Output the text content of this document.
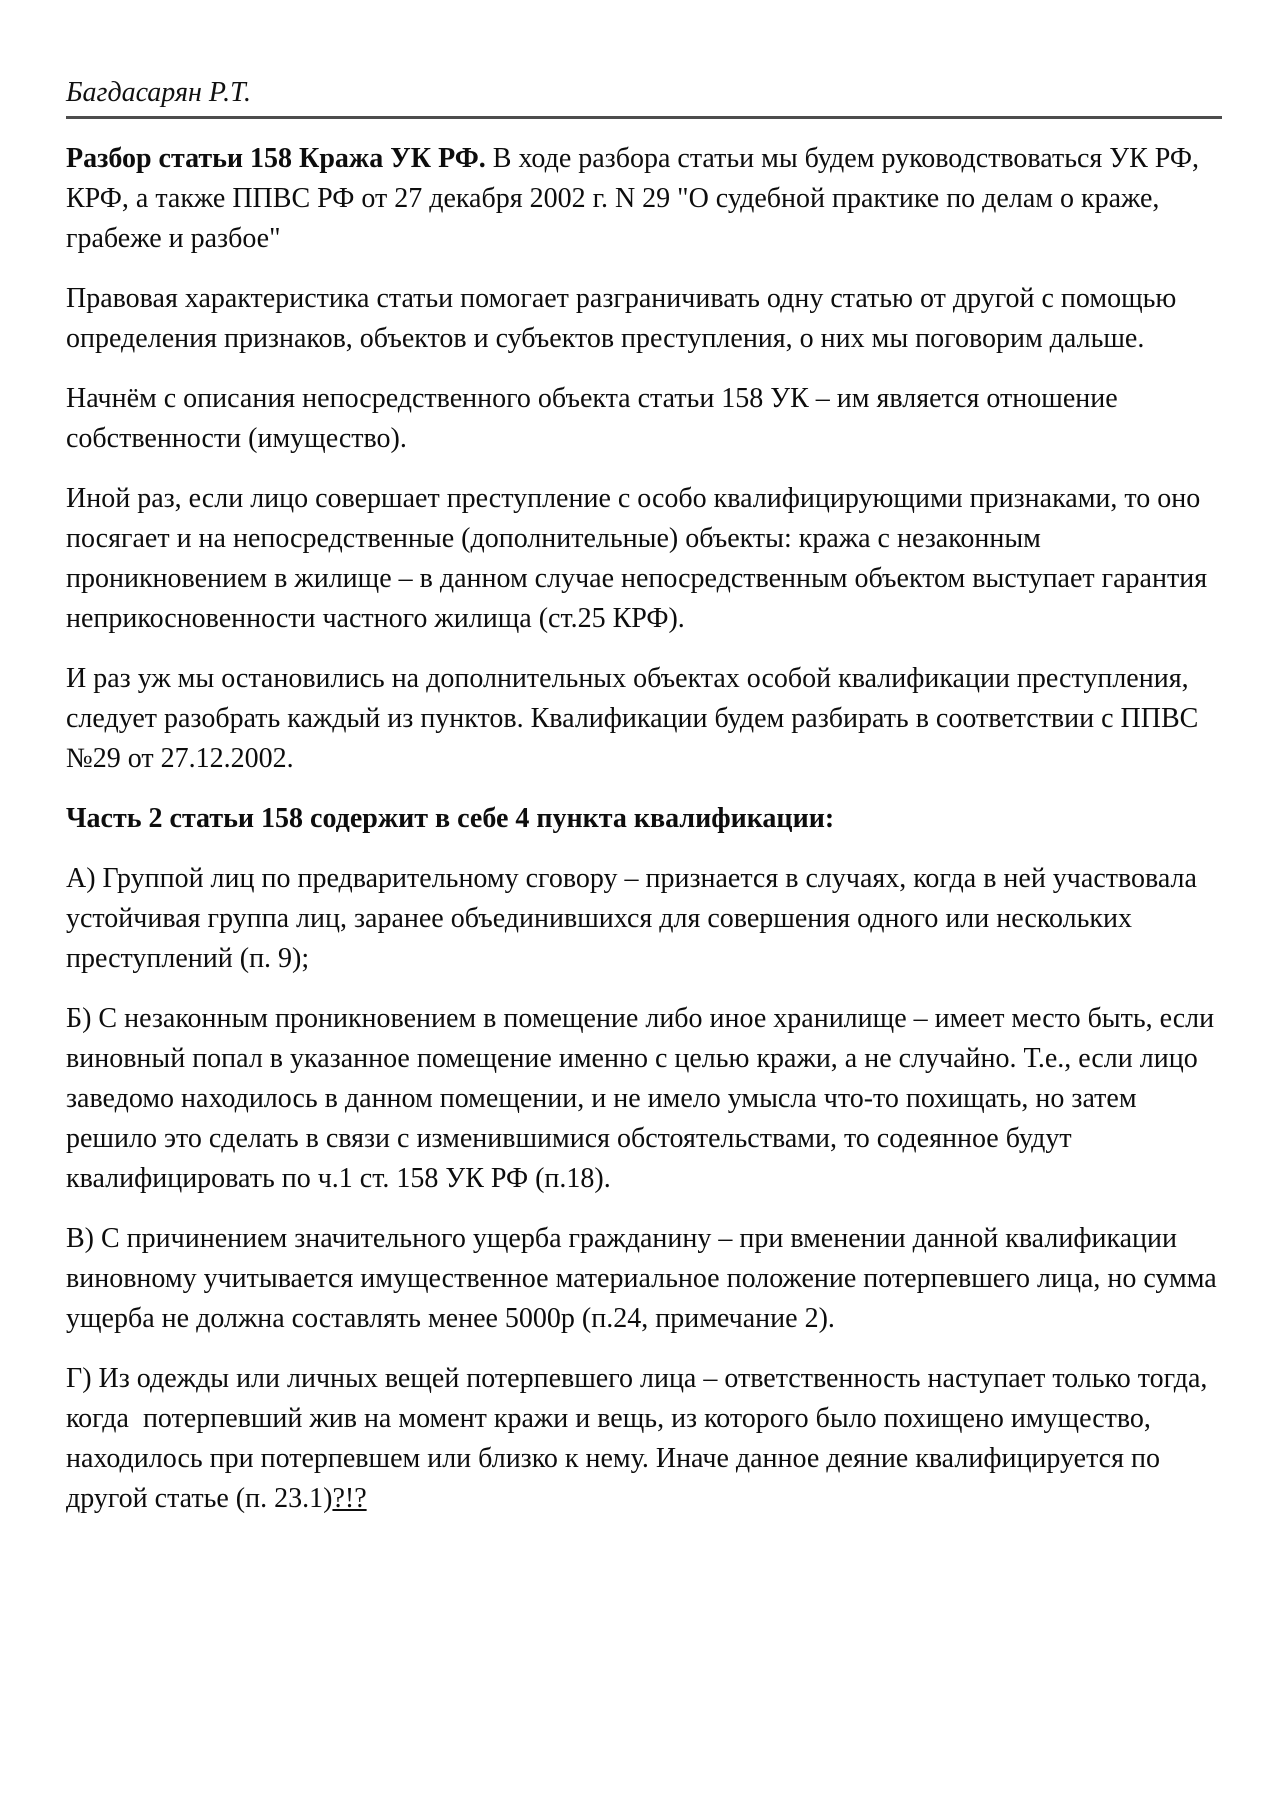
Багдасарян Р.Т.

Разбор статьи 158 Кража УК РФ. В ходе разбора статьи мы будем руководствоваться УК РФ, КРФ, а также ППВС РФ от 27 декабря 2002 г. N 29 "О судебной практике по делам о краже, грабеже и разбое"

Правовая характеристика статьи помогает разграничивать одну статью от другой с помощью определения признаков, объектов и субъектов преступления, о них мы поговорим дальше.

Начнём с описания непосредственного объекта статьи 158 УК – им является отношение собственности (имущество).

Иной раз, если лицо совершает преступление с особо квалифицирующими признаками, то оно посягает и на непосредственные (дополнительные) объекты: кража с незаконным проникновением в жилище – в данном случае непосредственным объектом выступает гарантия неприкосновенности частного жилища (ст.25 КРФ).

И раз уж мы остановились на дополнительных объектах особой квалификации преступления, следует разобрать каждый из пунктов. Квалификации будем разбирать в соответствии с ППВС №29 от 27.12.2002.

Часть 2 статьи 158 содержит в себе 4 пункта квалификации:

А) Группой лиц по предварительному сговору – признается в случаях, когда в ней участвовала устойчивая группа лиц, заранее объединившихся для совершения одного или нескольких преступлений (п. 9);

Б) С незаконным проникновением в помещение либо иное хранилище – имеет место быть, если виновный попал в указанное помещение именно с целью кражи, а не случайно. Т.е., если лицо заведомо находилось в данном помещении, и не имело умысла что-то похищать, но затем решило это сделать в связи с изменившимися обстоятельствами, то содеянное будут квалифицировать по ч.1 ст. 158 УК РФ (п.18).

В) С причинением значительного ущерба гражданину – при вменении данной квалификации виновному учитывается имущественное материальное положение потерпевшего лица, но сумма ущерба не должна составлять менее 5000р (п.24, примечание 2).

Г) Из одежды или личных вещей потерпевшего лица – ответственность наступает только тогда, когда  потерпевший жив на момент кражи и вещь, из которого было похищено имущество, находилось при потерпевшем или близко к нему. Иначе данное деяние квалифицируется по другой статье (п. 23.1)?!?
